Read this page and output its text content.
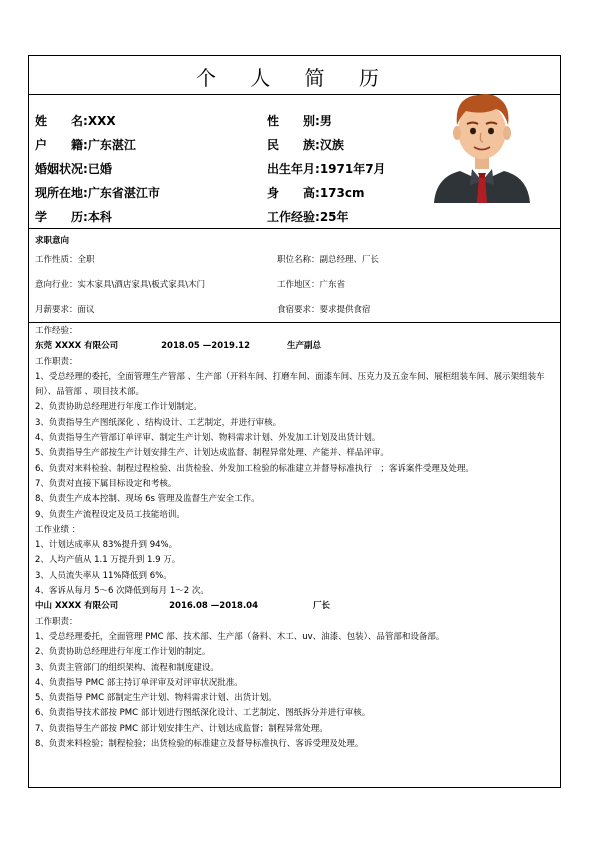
个 人 简 历
姓　　名:XXX	性　　别:男
户　　籍:广东湛江	民　　族:汉族
婚姻状况:已婚	出生年月:1971年7月
现所在地:广东省湛江市	身　　高:173cm
学　　历:本科	工作经验:25年
求职意向
工作性质：全职	职位名称：副总经理、厂长
意向行业：实木家具\酒店家具\板式家具\木门	工作地区：广东省
月薪要求：面议	食宿要求：要求提供食宿
工作经验：
东莞 XXXX 有限公司	2018.05 —2019.12	生产副总
工作职责：
1、受总经理的委托，全面管理生产管部 、生产部（开料车间、打磨车间、面漆车间、压克力及五金车间、展柜组装车间、展示架组装车间）、品管部 、项目技术部。
2、负责协助总经理进行年度工作计划制定。
3、负责指导生产图纸深化 、结构设计、工艺制定，并进行审核。
4、负责指导生产管部订单评审、制定生产计划、物料需求计划、外发加工计划及出货计划。
5、负责指导生产部按生产计划安排生产、计划达成监督、制程异常处理、产能并、样品评审。
6、负责对来料检验、制程过程检验、出货检验、外发加工检验的标准建立并督导标准执行　；客诉案件受理及处理。
7、负责对直接下属目标设定和考核。
8、负责生产成本控制、现场 6s 管理及监督生产安全工作。
9、负责生产流程设定及员工技能培训。
工作业绩 ：
1、计划达成率从 83%提升到 94%。
2、人均产值从 1.1 万提升到 1.9 万。
3、人员流失率从 11%降低到 6%。
4、客诉从每月 5～6 次降低到每月 1～2 次。
中山 XXXX 有限公司	2016.08 —2018.04	厂长
工作职责：
1、受总经理委托，全面管理 PMC 部、技术部、生产部（备料、木工、uv、油漆、包装）、品管部和设备部。
2、负责协助总经理进行年度工作计划的制定。
3、负责主管部门的组织架构、流程和制度建设。
4、负责指导 PMC 部主持订单评审及对评审状况批准。
5、负责指导 PMC 部制定生产计划、物料需求计划、出货计划。
6、负责指导技术部按 PMC 部计划进行图纸深化设计、工艺制定、图纸拆分并进行审核。
7、负责指导生产部按 PMC 部计划安排生产、计划达成监督；制程异常处理。
8、负责来料检验；制程检验；出货检验的标准建立及督导标准执行、客诉受理及处理。
